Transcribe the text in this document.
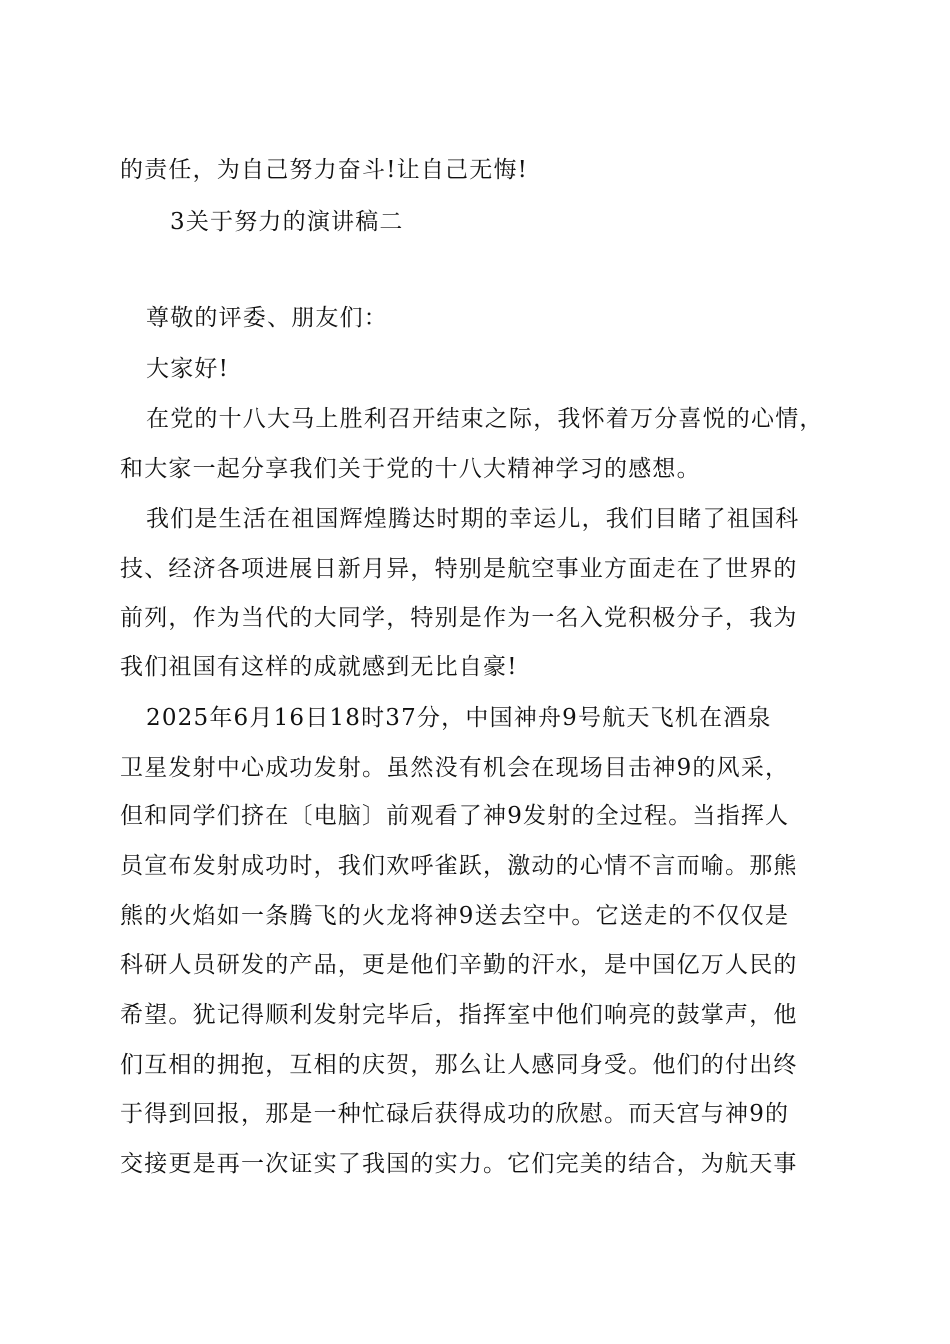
的责任，为自己努力奋斗!让自己无悔!
3关于努力的演讲稿二
尊敬的评委、朋友们：
大家好!
在党的十八大马上胜利召开结束之际，我怀着万分喜悦的心情，
和大家一起分享我们关于党的十八大精神学习的感想。
我们是生活在祖国辉煌腾达时期的幸运儿，我们目睹了祖国科
技、经济各项进展日新月异，特别是航空事业方面走在了世界的
前列，作为当代的大同学，特别是作为一名入党积极分子，我为
我们祖国有这样的成就感到无比自豪!
2025年6月16日18时37分，中国神舟9号航天飞机在酒泉
卫星发射中心成功发射。虽然没有机会在现场目击神9的风采，
但和同学们挤在〔电脑〕前观看了神9发射的全过程。当指挥人
员宣布发射成功时，我们欢呼雀跃，激动的心情不言而喻。那熊
熊的火焰如一条腾飞的火龙将神9送去空中。它送走的不仅仅是
科研人员研发的产品，更是他们辛勤的汗水，是中国亿万人民的
希望。犹记得顺利发射完毕后，指挥室中他们响亮的鼓掌声，他
们互相的拥抱，互相的庆贺，那么让人感同身受。他们的付出终
于得到回报，那是一种忙碌后获得成功的欣慰。而天宫与神9的
交接更是再一次证实了我国的实力。它们完美的结合，为航天事
